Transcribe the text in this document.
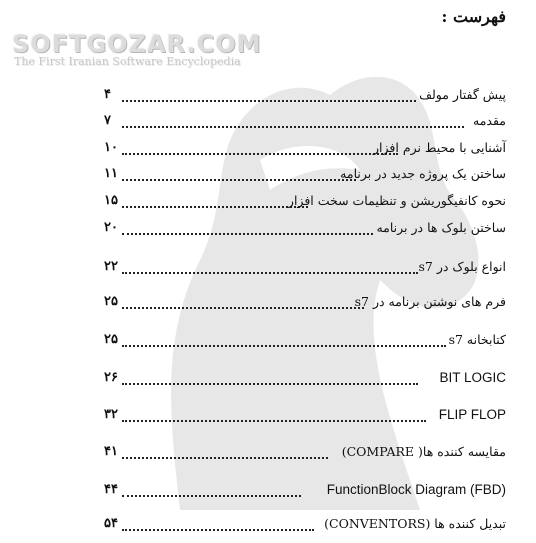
SOFTGOZAR.COM
The First Iranian Software Encyclopedia
فهرست :
۴	پیش گفتار مولف
۷	مقدمه
۱۰	آشنایی با محیط نرم افزار
۱۱	ساختن یک پروژه جدید در برنامه
۱۵	نحوه کانفیگوریشن و تنظیمات سخت افزار
۲۰	ساختن بلوک ها در برنامه
۲۲	انواع بلوک در s7
۲۵	فرم های نوشتن برنامه در s7
۲۵	کتابخانه s7
۲۶	BIT LOGIC
۳۲	FLIP FLOP
۴۱	مقایسه کننده ها( COMPARE)
۴۴	FunctionBlock Diagram (FBD)
۵۴	تبدیل کننده ها (CONVENTORS)
